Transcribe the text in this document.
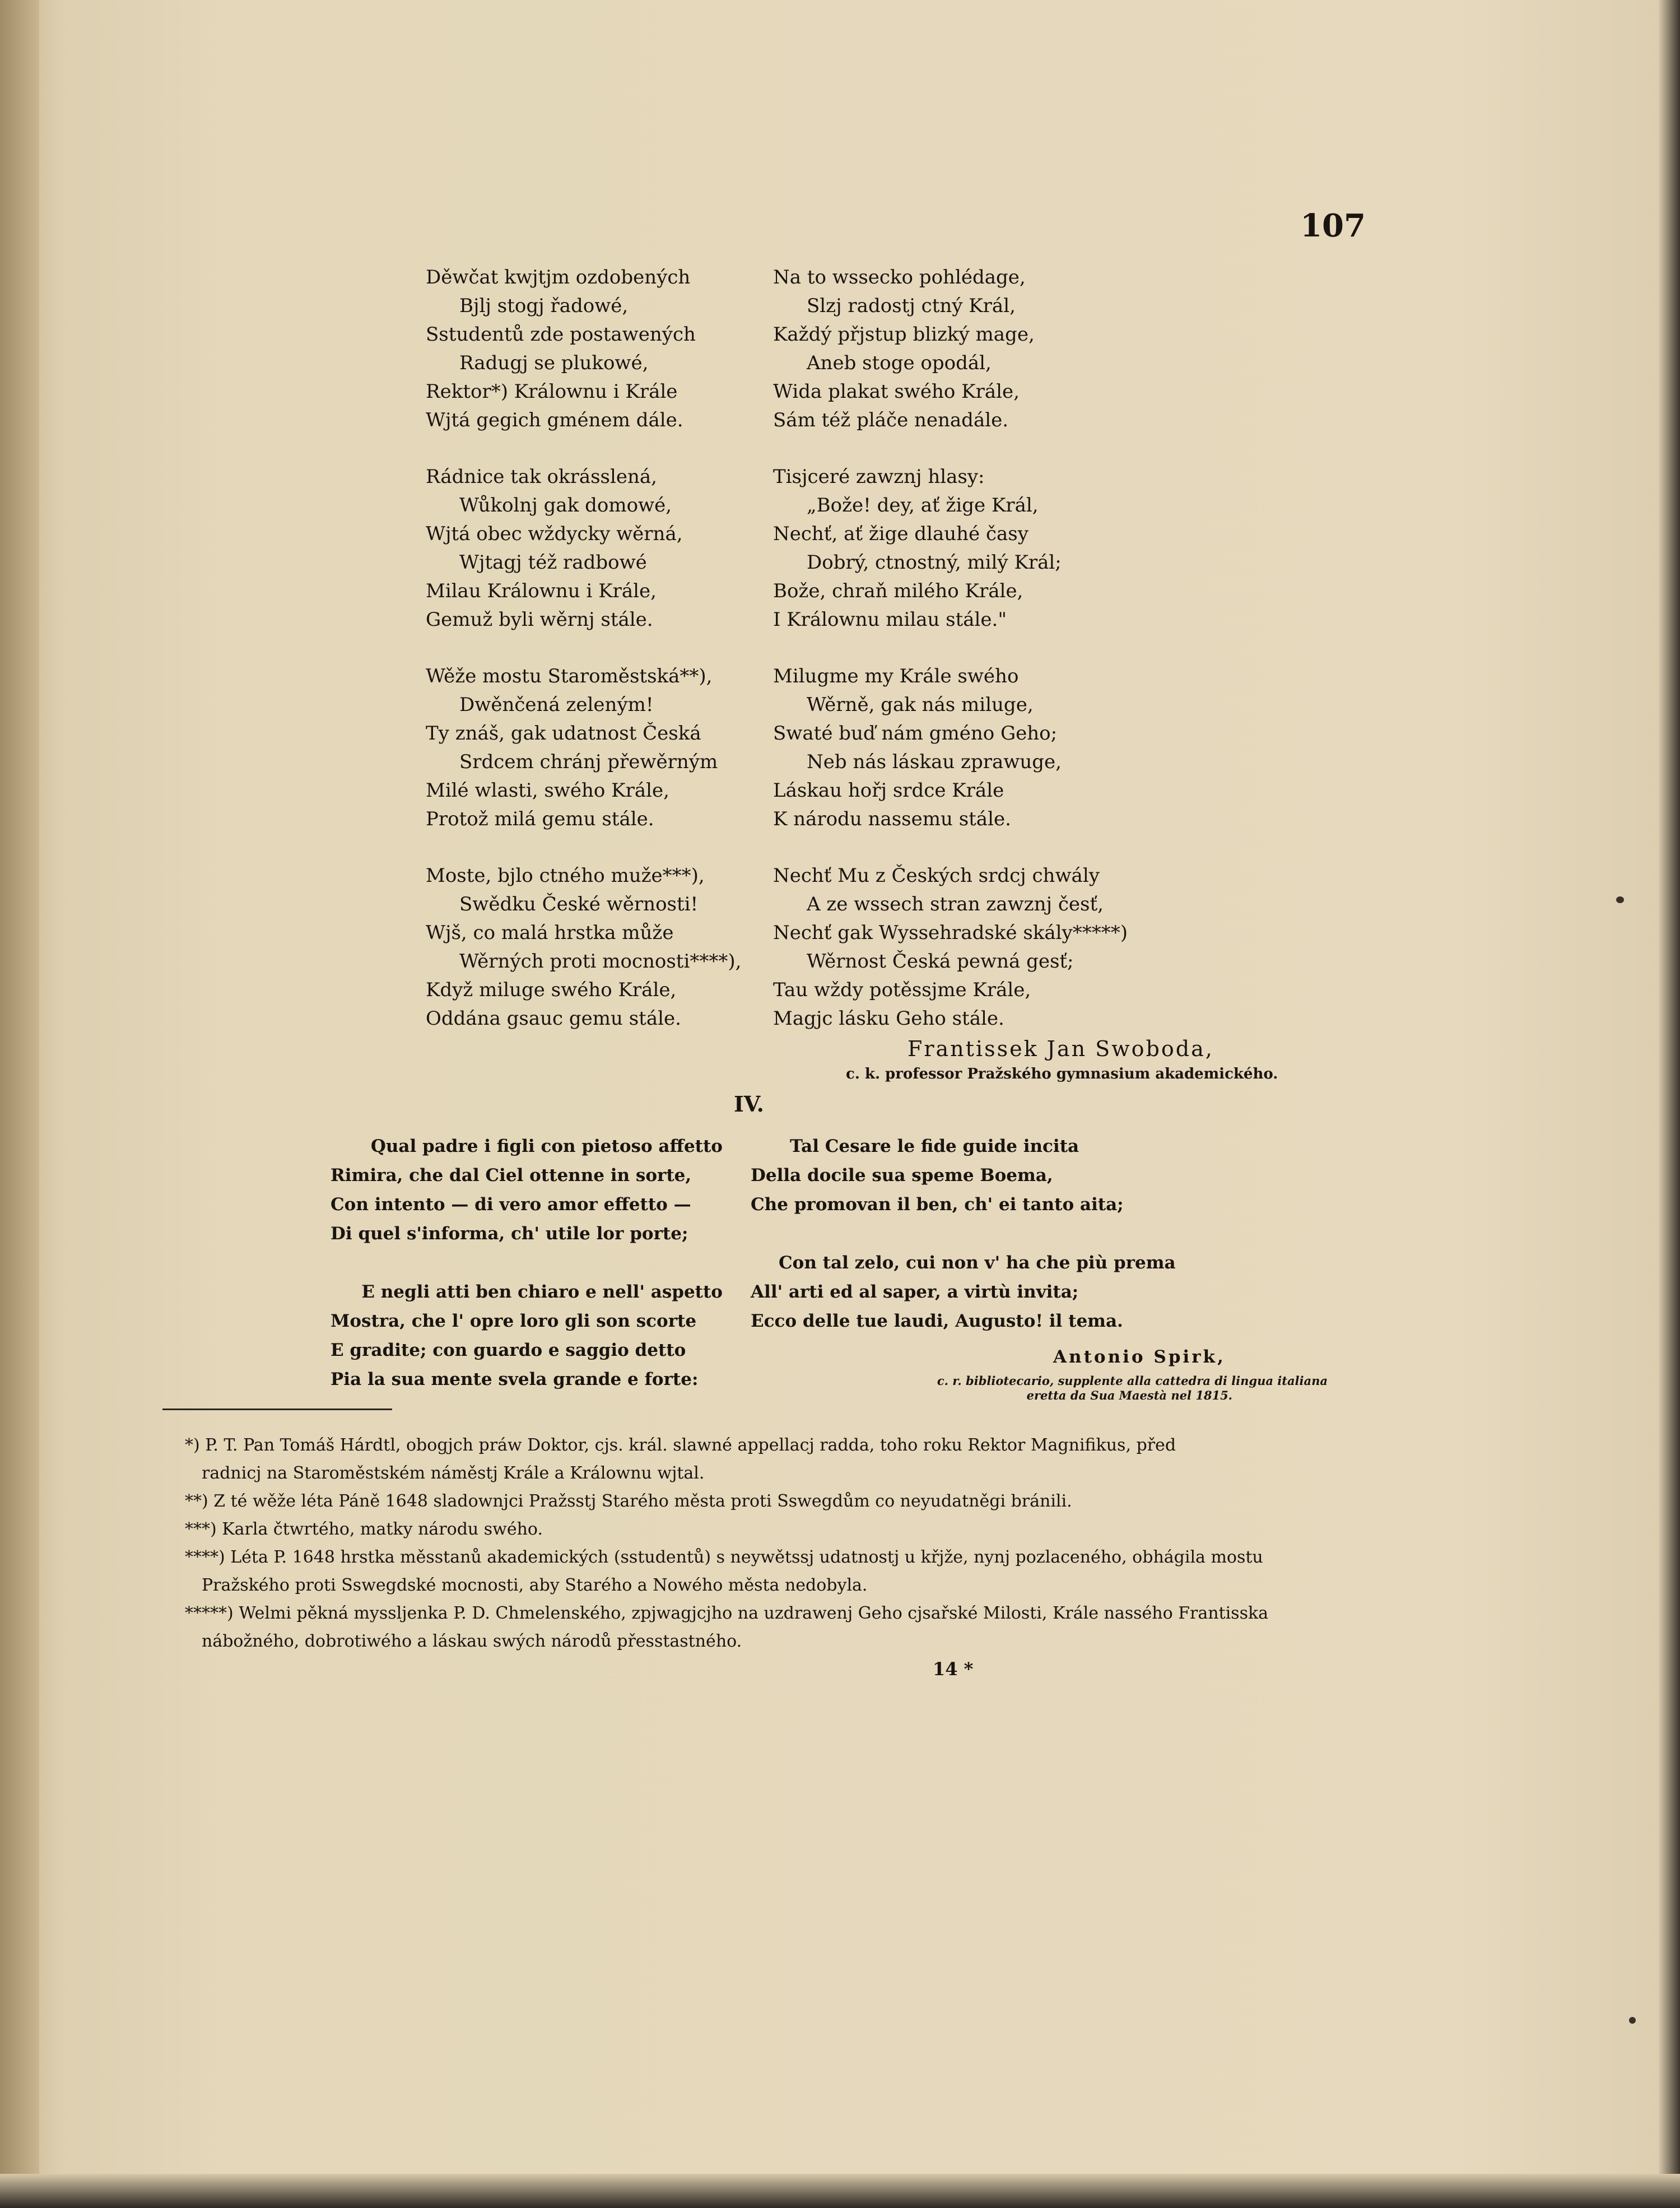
107
Děwčat kwjtjm ozdobených
Bjlj stogj řadowé,
Sstudentů zde postawených
Radugj se plukowé,
Rektor*) Králownu i Krále
Wjtá gegich gménem dále.
Rádnice tak okrásslená,
Wůkolnj gak domowé,
Wjtá obec wždycky wěrná,
Wjtagj též radbowé
Milau Králownu i Krále,
Gemuž byli wěrnj stále.
Wěže mostu Staroměstská**),
Dwěnčená zeleným!
Ty znáš, gak udatnost Česká
Srdcem chránj přewěrným
Milé wlasti, swého Krále,
Protož milá gemu stále.
Moste, bjlo ctného muže***),
Swědku České wěrnosti!
Wjš, co malá hrstka může
Wěrných proti mocnosti****),
Když miluge swého Krále,
Oddána gsauc gemu stále.
Na to wssecko pohlédage,
Slzj radostj ctný Král,
Každý přjstup blizký mage,
Aneb stoge opodál,
Wida plakat swého Krále,
Sám též pláče nenadále.
Tisjceré zawznj hlasy:
„Bože! dey, ať žige Král,
Nechť, ať žige dlauhé časy
Dobrý, ctnostný, milý Král;
Bože, chraň milého Krále,
I Králownu milau stále."
Milugme my Krále swého
Wěrně, gak nás miluge,
Swaté buď nám gméno Geho;
Neb nás láskau zprawuge,
Láskau hořj srdce Krále
K národu nassemu stále.
Nechť Mu z Českých srdcj chwály
A ze wssech stran zawznj česť,
Nechť gak Wyssehradské skály*****)
Wěrnost Česká pewná gesť;
Tau wždy potěssjme Krále,
Magjc lásku Geho stále.
Frantissek Jan Swoboda,
c. k. professor Pražského gymnasium akademického.
IV.
Qual padre i figli con pietoso affetto
Rimira, che dal Ciel ottenne in sorte,
Con intento — di vero amor effetto —
Di quel s'informa, ch' utile lor porte;
E negli atti ben chiaro e nell' aspetto
Mostra, che l' opre loro gli son scorte
E gradite; con guardo e saggio detto
Pia la sua mente svela grande e forte:
Tal Cesare le fide guide incita
Della docile sua speme Boema,
Che promovan il ben, ch' ei tanto aita;
Con tal zelo, cui non v' ha che più prema
All' arti ed al saper, a virtù invita;
Ecco delle tue laudi, Augusto! il tema.
Antonio Spirk,
c. r. bibliotecario, supplente alla cattedra di lingua italiana
eretta da Sua Maestà nel 1815.
*) P. T. Pan Tomáš Hárdtl, obogjch práw Doktor, cjs. král. slawné appellacj radda, toho roku Rektor Magnifikus, před
radnicj na Staroměstském náměstj Krále a Králownu wjtal.
**) Z té wěže léta Páně 1648 sladownjci Pražsstj Starého města proti Sswegdům co neyudatněgi bránili.
***) Karla čtwrtého, matky národu swého.
****) Léta P. 1648 hrstka měsstanů akademických (sstudentů) s neywětssj udatnostj u křjže, nynj pozlaceného, obhágila mostu
Pražského proti Sswegdské mocnosti, aby Starého a Nowého města nedobyla.
*****) Welmi pěkná myssljenka P. D. Chmelenského, zpjwagjcjho na uzdrawenj Geho cjsařské Milosti, Krále nassého Frantisska
nábožného, dobrotiwého a láskau swých národů přesstastného.
14 *
